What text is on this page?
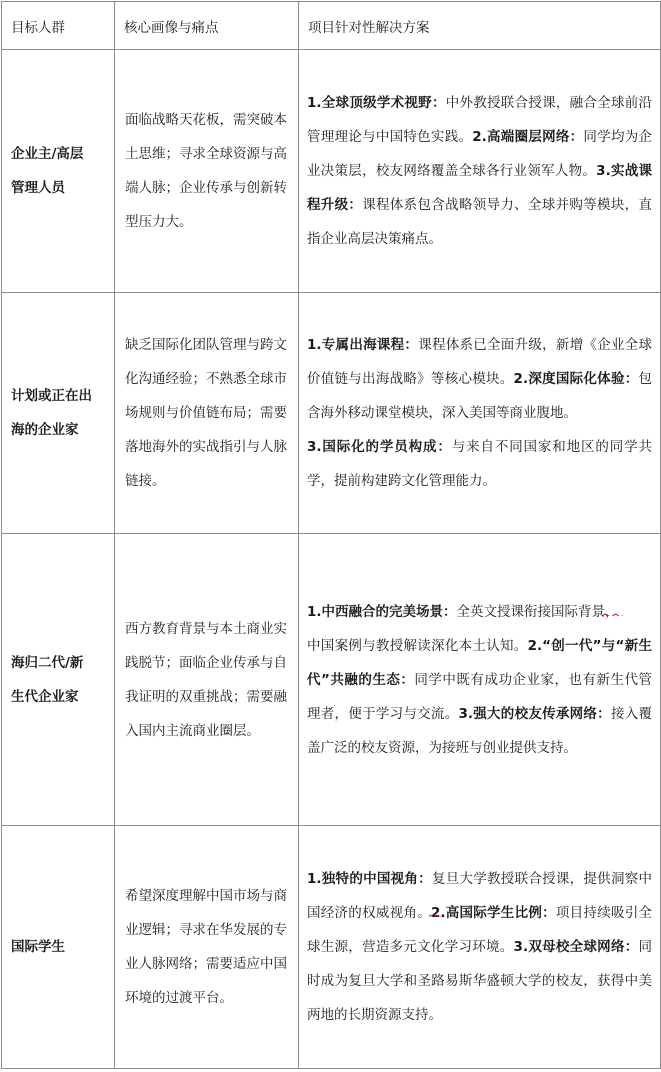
目标人群	核心画像与痛点	项目针对性解决方案
企业主/高层
管理人员	面临战略天花板，需突破本土思维；寻求全球资源与高端人脉；企业传承与创新转型压力大。	1.全球顶级学术视野：中外教授联合授课，融合全球前沿管理理论与中国特色实践。2.高端圈层网络：同学均为企业决策层，校友网络覆盖全球各行业领军人物。3.实战课程升级：课程体系包含战略领导力、全球并购等模块，直指企业高层决策痛点。
计划或正在出
海的企业家	缺乏国际化团队管理与跨文化沟通经验；不熟悉全球市场规则与价值链布局；需要落地海外的实战指引与人脉链接。	1.专属出海课程：课程体系已全面升级，新增《企业全球价值链与出海战略》等核心模块。2.深度国际化体验：包含海外移动课堂模块，深入美国等商业腹地。
3.国际化的学员构成：与来自不同国家和地区的同学共学，提前构建跨文化管理能力。
海归二代/新
生代企业家	西方教育背景与本土商业实践脱节；面临企业传承与自我证明的双重挑战；需要融入国内主流商业圈层。	1.中西融合的完美场景：全英文授课衔接国际背景，

中国案例与教授解读深化本土认知。2.“创一代”与“新生代”共融的生态：同学中既有成功企业家，也有新生代管理者，便于学习与交流。3.强大的校友传承网络：接入覆盖广泛的校友资源，为接班与创业提供支持。
国际学生	希望深度理解中国市场与商业逻辑；寻求在华发展的专业人脉网络；需要适应中国环境的过渡平台。	1.独特的中国视角：复旦大学教授联合授课，提供洞察中国经济的权威视角。2.高国际学生比例：
项目持续吸引全球生源，营造多元文化学习环境。3.双母校全球网络：同时成为复旦大学和圣路易斯华盛顿大学的校友，获得中美两地的长期资源支持。
